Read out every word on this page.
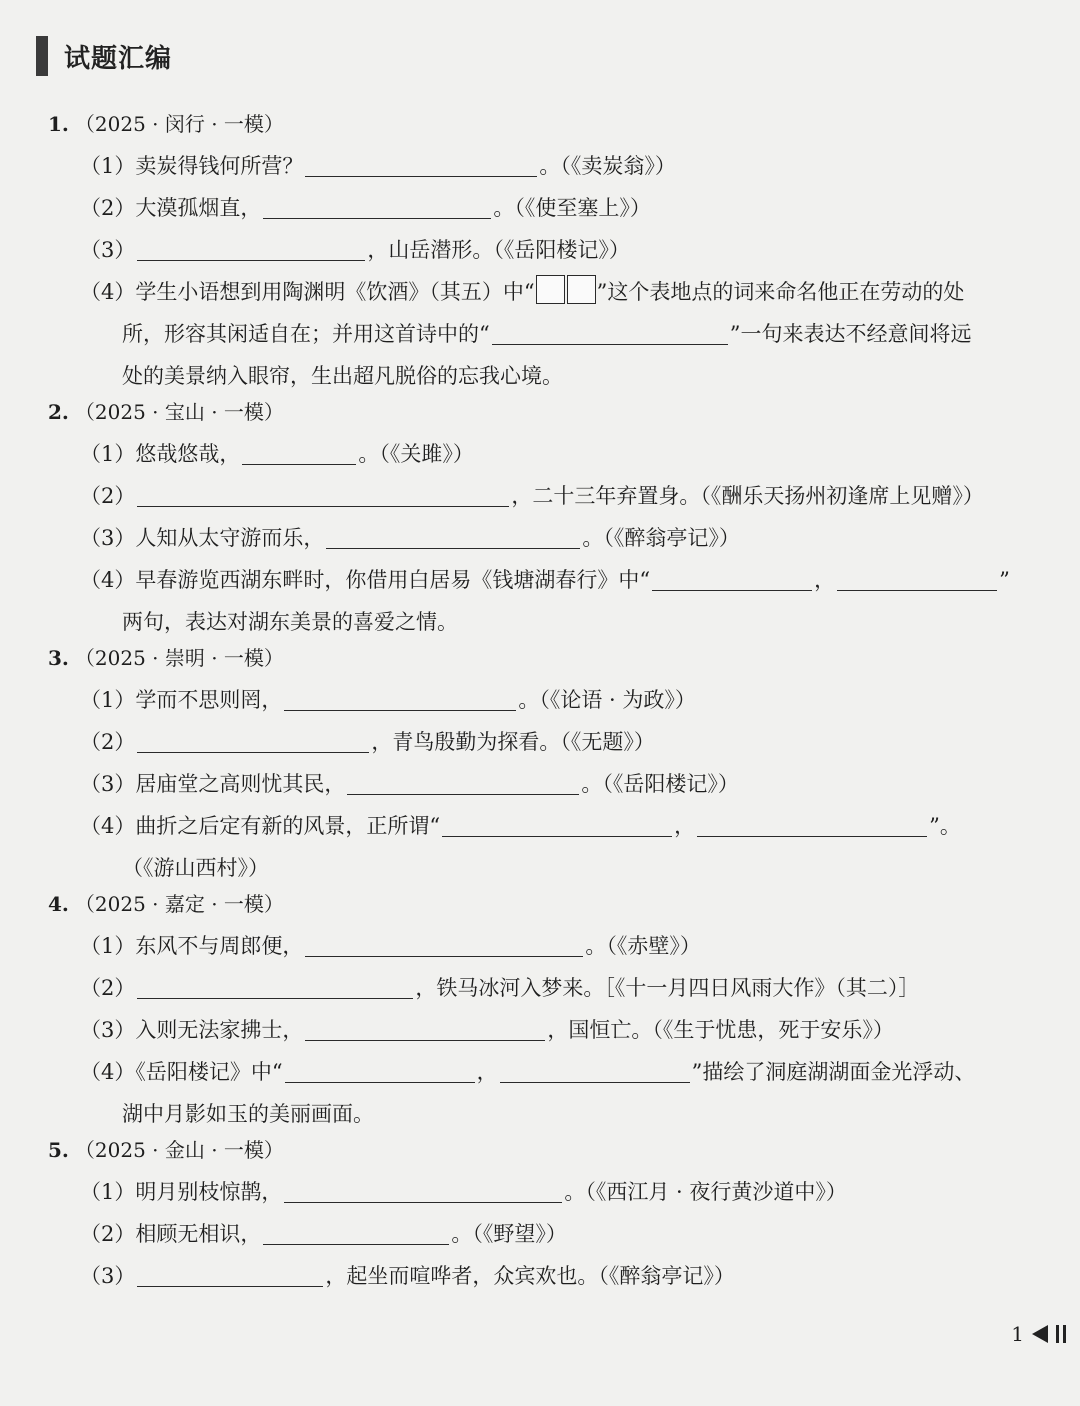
试题汇编
1. （2025 · 闵行 · 一模）
（1）卖炭得钱何所营？	。（《卖炭翁》）
（2）大漠孤烟直，	。（《使至塞上》）
（3）	，山岳潜形。（《岳阳楼记》）
（4）学生小语想到用陶渊明《饮酒》（其五）中“	”这个表地点的词来命名他正在劳动的处
所，形容其闲适自在；并用这首诗中的“	”一句来表达不经意间将远
处的美景纳入眼帘，生出超凡脱俗的忘我心境。
2. （2025 · 宝山 · 一模）
（1）悠哉悠哉，	。（《关雎》）
（2）	，二十三年弃置身。（《酬乐天扬州初逢席上见赠》）
（3）人知从太守游而乐，	。（《醉翁亭记》）
（4）早春游览西湖东畔时，你借用白居易《钱塘湖春行》中“	，	”
两句，表达对湖东美景的喜爱之情。
3. （2025 · 崇明 · 一模）
（1）学而不思则罔，	。（《论语 · 为政》）
（2）	，青鸟殷勤为探看。（《无题》）
（3）居庙堂之高则忧其民，	。（《岳阳楼记》）
（4）曲折之后定有新的风景，正所谓“	，	”。
（《游山西村》）
4. （2025 · 嘉定 · 一模）
（1）东风不与周郎便，	。（《赤壁》）
（2）	，铁马冰河入梦来。［《十一月四日风雨大作》（其二）］
（3）入则无法家拂士，	，国恒亡。（《生于忧患，死于安乐》）
（4）《岳阳楼记》中“	，	”描绘了洞庭湖湖面金光浮动、
湖中月影如玉的美丽画面。
5. （2025 · 金山 · 一模）
（1）明月别枝惊鹊，	。（《西江月 · 夜行黄沙道中》）
（2）相顾无相识，	。（《野望》）
（3）	，起坐而喧哗者，众宾欢也。（《醉翁亭记》）
1
